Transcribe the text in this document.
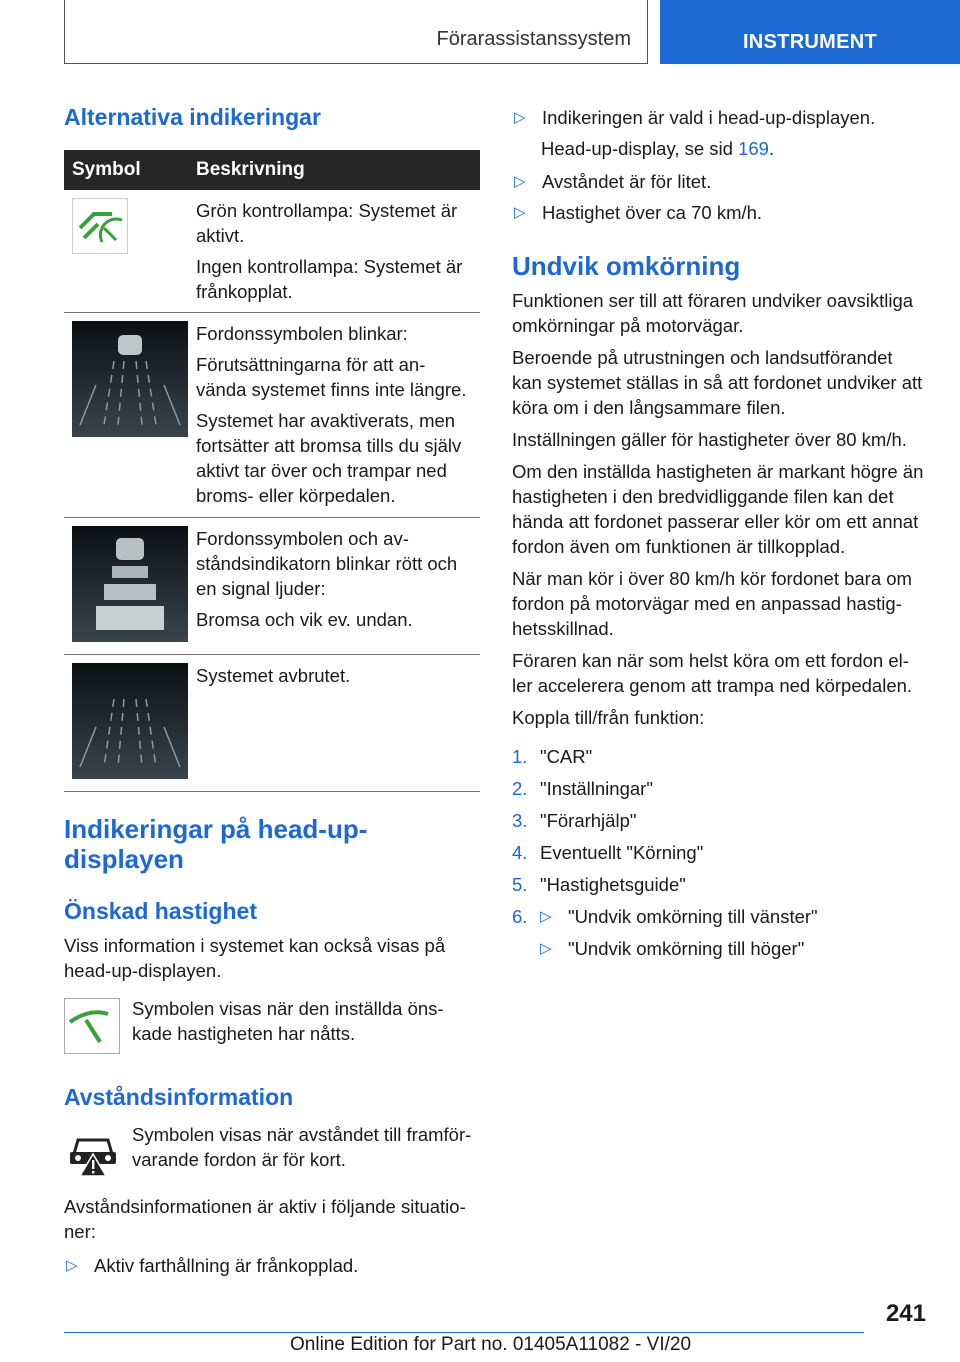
Förarassistanssystem	INSTRUMENT
Alternativa indikeringar
Symbol	Beskrivning

Grön kontrollampa: Systemet är aktivt.

Ingen kontrollampa: Systemet är frånkopplat.

Fordonssymbolen blinkar:

Förutsättningarna för att an- vända systemet finns inte längre.

Systemet har avaktiverats, men fortsätter att bromsa tills du själv aktivt tar över och trampar ned broms- eller körpedalen.

Fordonssymbolen och av- ståndsindikatorn blinkar rött och en signal ljuder:

Bromsa och vik ev. undan.

Systemet avbrutet.

Indikeringar på head-up-displayen
Önskad hastighet

Viss information i systemet kan också visas på head-up-displayen.

Symbolen visas när den inställda öns- kade hastigheten har nåtts.

Avståndsinformation

Symbolen visas när avståndet till framför- varande fordon är för kort.

Avståndsinformationen är aktiv i följande situatio- ner:

▷ Aktiv farthållning är frånkopplad.
▷ Indikeringen är vald i head-up-displayen.

Head-up-display, se sid 169.

▷ Avståndet är för litet.
▷ Hastighet över ca 70 km/h.
Undvik omkörning

Funktionen ser till att föraren undviker oavsiktliga omkörningar på motorvägar.

Beroende på utrustningen och landsutförandet kan systemet ställas in så att fordonet undviker att köra om i den långsammare filen.

Inställningen gäller för hastigheter över 80 km/h.

Om den inställda hastigheten är markant högre än hastigheten i den bredvidliggande filen kan det hända att fordonet passerar eller kör om ett annat fordon även om funktionen är tillkopplad.

När man kör i över 80 km/h kör fordonet bara om fordon på motorvägar med en anpassad hastig- hetsskillnad.

Föraren kan när som helst köra om ett fordon el- ler accelerera genom att trampa ned körpedalen.

Koppla till/från funktion:

1. "CAR"
2. "Inställningar"
3. "Förarhjälp"
4. Eventuellt "Körning"
5. "Hastighetsguide"
6. ▷ "Undvik omkörning till vänster"
▷ "Undvik omkörning till höger"
241
Online Edition for Part no. 01405A11082 - VI/20
